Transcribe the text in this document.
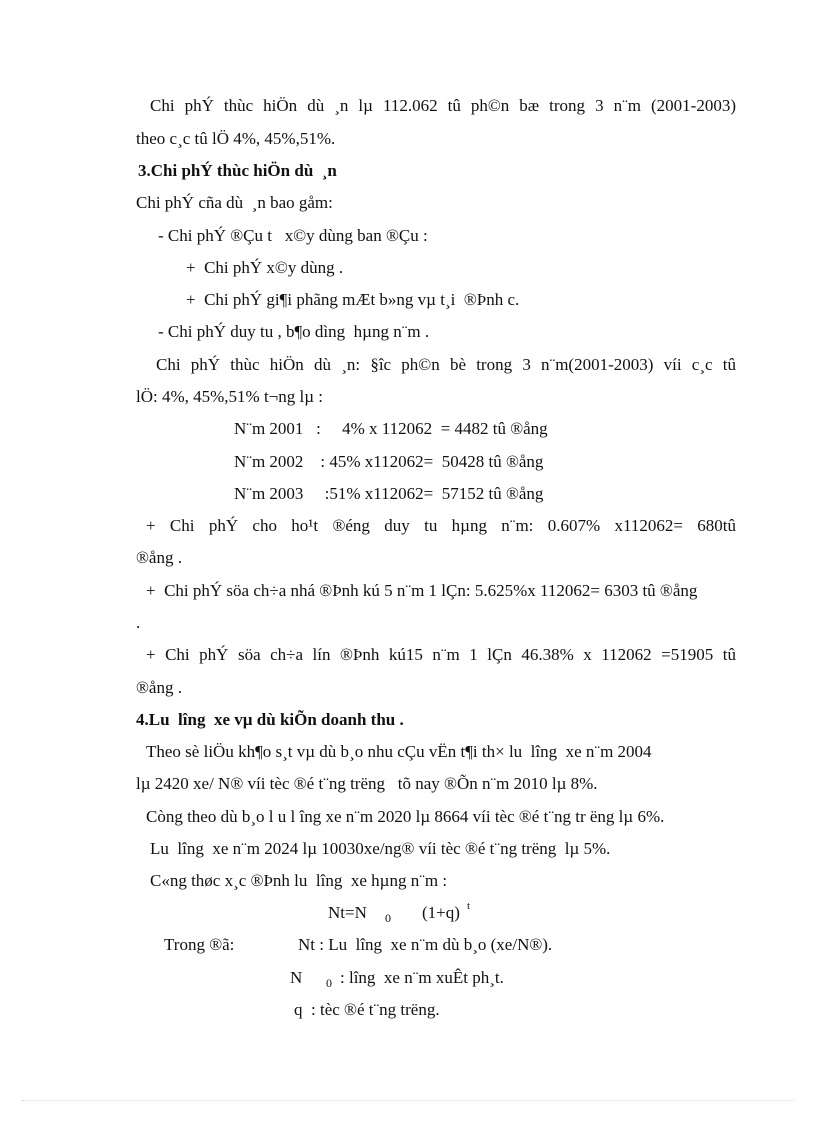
Chi phÝ thùc hiÖn dù ¸n lµ 112.062 tû ph©n bæ trong 3 n¨m (2001-2003)
theo c¸c tû lÖ 4%, 45%,51%.
3.Chi phÝ thùc hiÖn dù  ¸n
Chi phÝ cña dù  ¸n bao gåm:
- Chi phÝ ®Çu t   x©y dùng ban ®Çu :
+  Chi phÝ x©y dùng .
+  Chi phÝ gi¶i phãng mÆt b»ng vµ t¸i  ®Þnh c.
- Chi phÝ duy tu , b¶o dìng  hµng n¨m .
Chi phÝ thùc hiÖn dù ¸n: §îc ph©n bè trong 3 n¨m(2001-2003) víi c¸c tû
lÖ: 4%, 45%,51% t¬ng lµ :
N¨m 2001   :     4% x 112062  = 4482 tû ®ång
N¨m 2002    : 45% x112062=  50428 tû ®ång
N¨m 2003     :51% x112062=  57152 tû ®ång
+ Chi phÝ cho ho¹t ®éng duy tu hµng n¨m: 0.607% x112062= 680tû
®ång .
+  Chi phÝ söa ch÷a nhá ®Þnh kú 5 n¨m 1 lÇn: 5.625%x 112062= 6303 tû ®ång
.
+ Chi phÝ söa ch÷a lín ®Þnh kú15 n¨m 1 lÇn 46.38% x 112062 =51905 tû
®ång .
4.Lu  lîng  xe vµ dù kiÕn doanh thu .
Theo sè liÖu kh¶o s¸t vµ dù b¸o nhu cÇu vËn t¶i th× lu  lîng  xe n¨m 2004
lµ 2420 xe/ N® víi tèc ®é t¨ng trëng   tõ nay ®Õn n¨m 2010 lµ 8%.
Còng theo dù b¸o l u l îng xe n¨m 2020 lµ 8664 víi tèc ®é t¨ng tr ëng lµ 6%.
Lu  lîng  xe n¨m 2024 lµ 10030xe/ng® víi tèc ®é t¨ng trëng  lµ 5%.
C«ng thøc x¸c ®Þnh lu  lîng  xe hµng n¨m :
Nt=N 0 (1+q) t
Trong ®ã:	Nt : Lu  lîng  xe n¨m dù b¸o (xe/N®).
N 0 : lîng  xe n¨m xuÊt ph¸t.
q  : tèc ®é t¨ng trëng.
